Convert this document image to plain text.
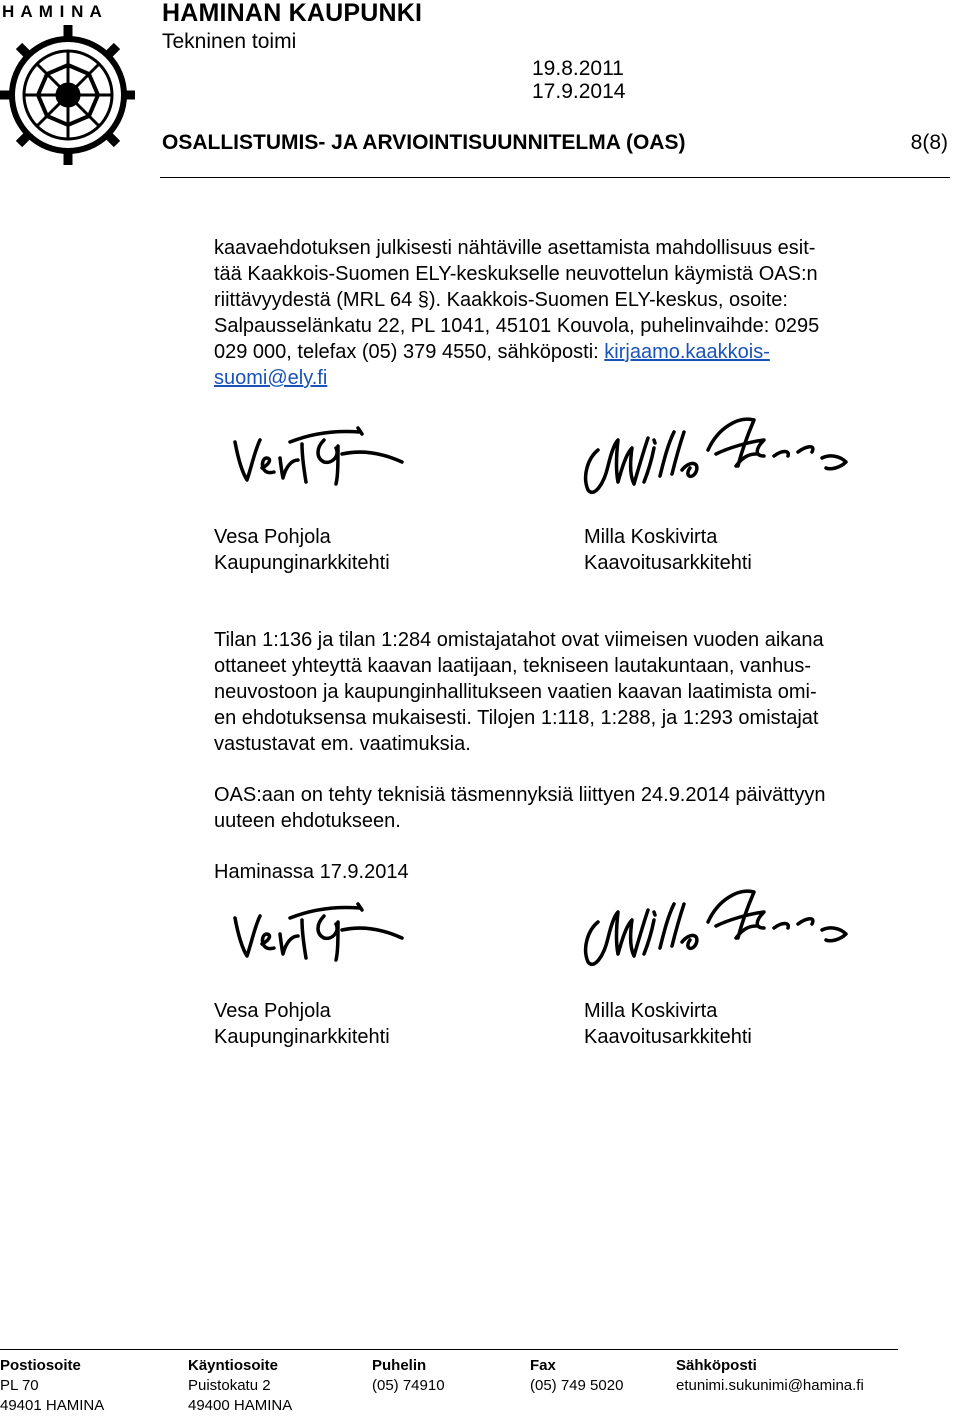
H A M I N A HAMINAN KAUPUNKI
Tekninen toimi
19.8.2011
17.9.2014
OSALLISTUMIS- JA ARVIOINTISUUNNITELMA (OAS)	8(8)

kaavaehdotuksen julkisesti nähtäville asettamista mahdollisuus esit-

tää Kaakkois-Suomen ELY-keskukselle neuvottelun käymistä OAS:n

riittävyydestä (MRL 64 §). Kaakkois-Suomen ELY-keskus, osoite:

Salpausselänkatu 22, PL 1041, 45101 Kouvola, puhelinvaihde: 0295

029 000, telefax (05) 379 4550, sähköposti: kirjaamo.kaakkois-

suomi@ely.fi

Vesa Pohjola
Kaupunginarkkitehti
Milla Koskivirta
Kaavoitusarkkitehti

Tilan 1:136 ja tilan 1:284 omistajatahot ovat viimeisen vuoden aikana

ottaneet yhteyttä kaavan laatijaan, tekniseen lautakuntaan, vanhus-

neuvostoon ja kaupunginhallitukseen vaatien kaavan laatimista omi-

en ehdotuksensa mukaisesti. Tilojen 1:118, 1:288, ja 1:293 omistajat

vastustavat em. vaatimuksia.

OAS:aan on tehty teknisiä täsmennyksiä liittyen 24.9.2014 päivättyyn

uuteen ehdotukseen.

Haminassa 17.9.2014
Vesa Pohjola
Kaupunginarkkitehti
Milla Koskivirta
Kaavoitusarkkitehti
Postiosoite
PL 70
49401 HAMINA
Käyntiosoite
Puistokatu 2
49400 HAMINA
Puhelin
(05) 74910
Fax
(05) 749 5020
Sähköposti
etunimi.sukunimi@hamina.fi
